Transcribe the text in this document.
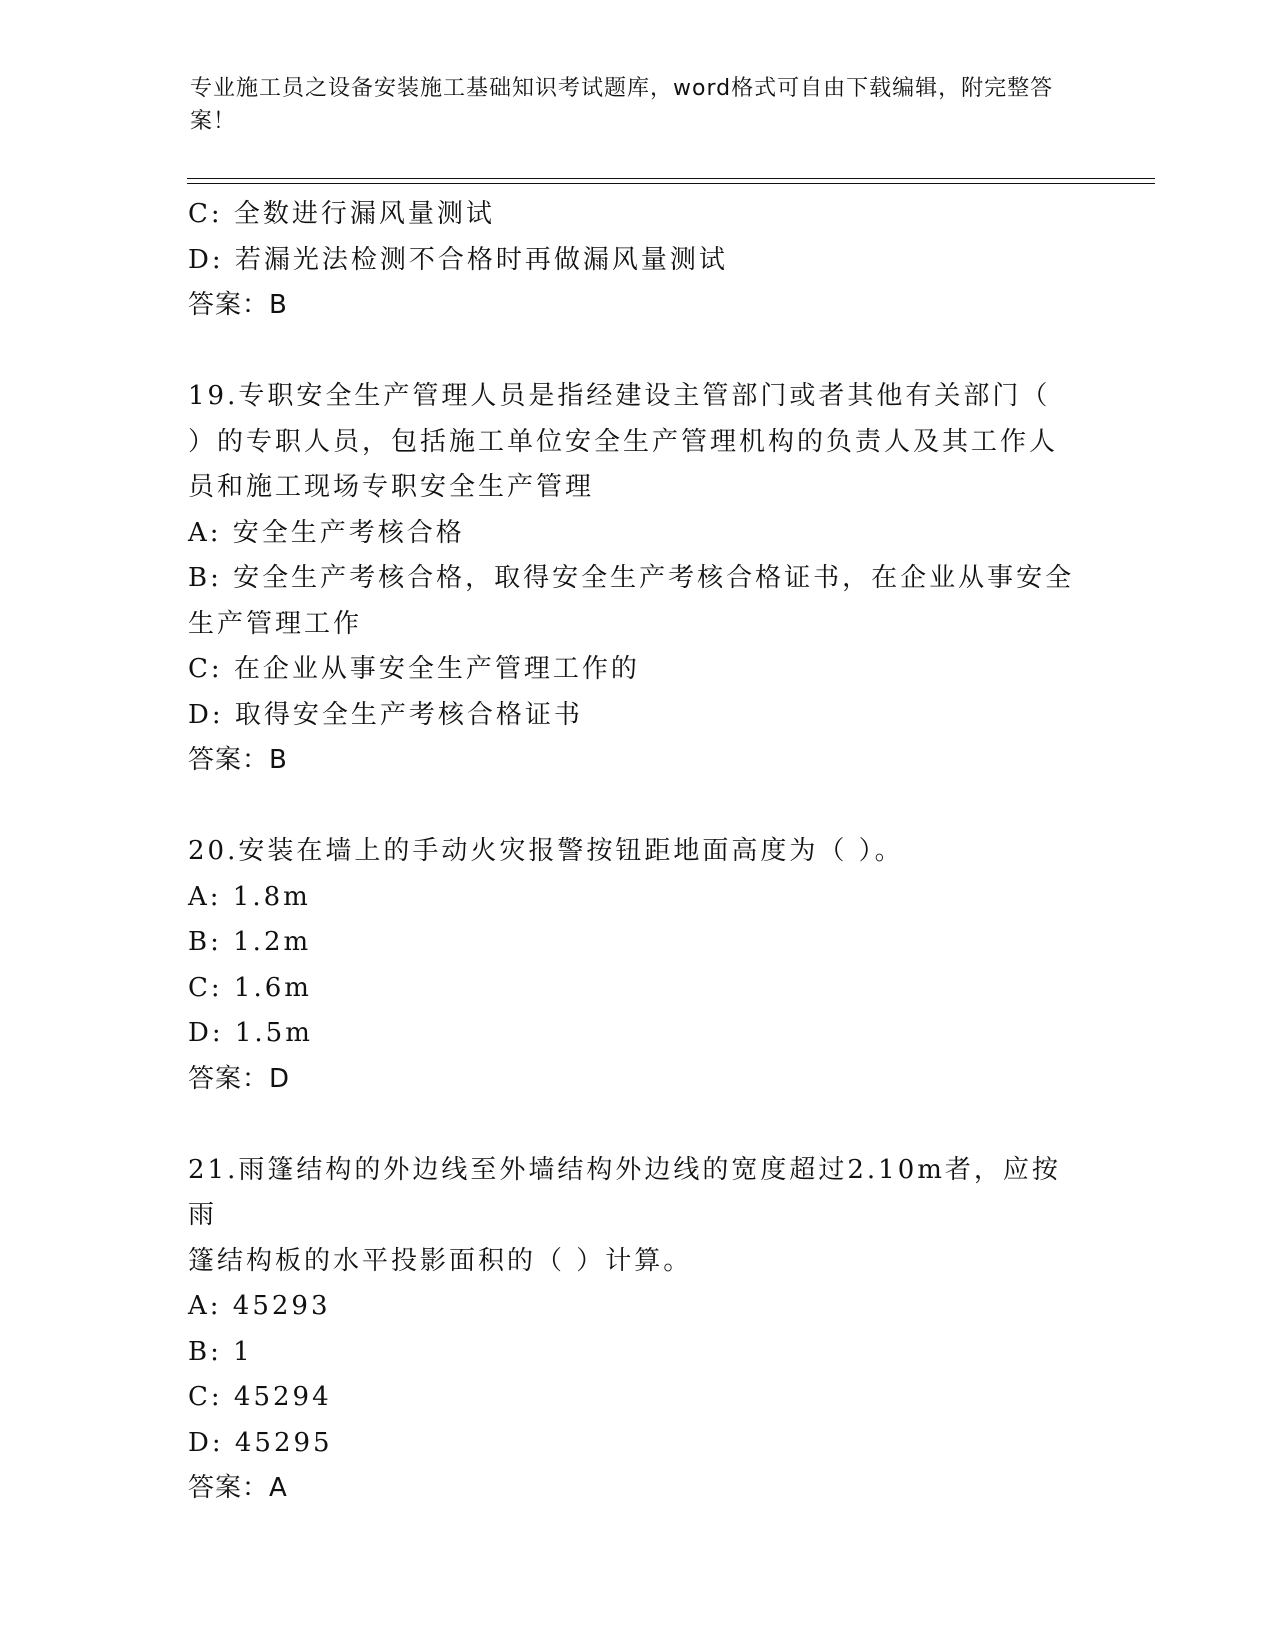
专业施工员之设备安装施工基础知识考试题库，word格式可自由下载编辑，附完整答案！
C: 全数进行漏风量测试
D: 若漏光法检测不合格时再做漏风量测试
答案：B
19.专职安全生产管理人员是指经建设主管部门或者其他有关部门（
）的专职人员，包括施工单位安全生产管理机构的负责人及其工作人
员和施工现场专职安全生产管理
A: 安全生产考核合格
B: 安全生产考核合格，取得安全生产考核合格证书，在企业从事安全
生产管理工作
C: 在企业从事安全生产管理工作的
D: 取得安全生产考核合格证书
答案：B
20.安装在墙上的手动火灾报警按钮距地面高度为（ ）。
A: 1.8m
B: 1.2m
C: 1.6m
D: 1.5m
答案：D
21.雨篷结构的外边线至外墙结构外边线的宽度超过2.10m者，应按雨
篷结构板的水平投影面积的（ ）计算。
A: 45293
B: 1
C: 45294
D: 45295
答案：A
